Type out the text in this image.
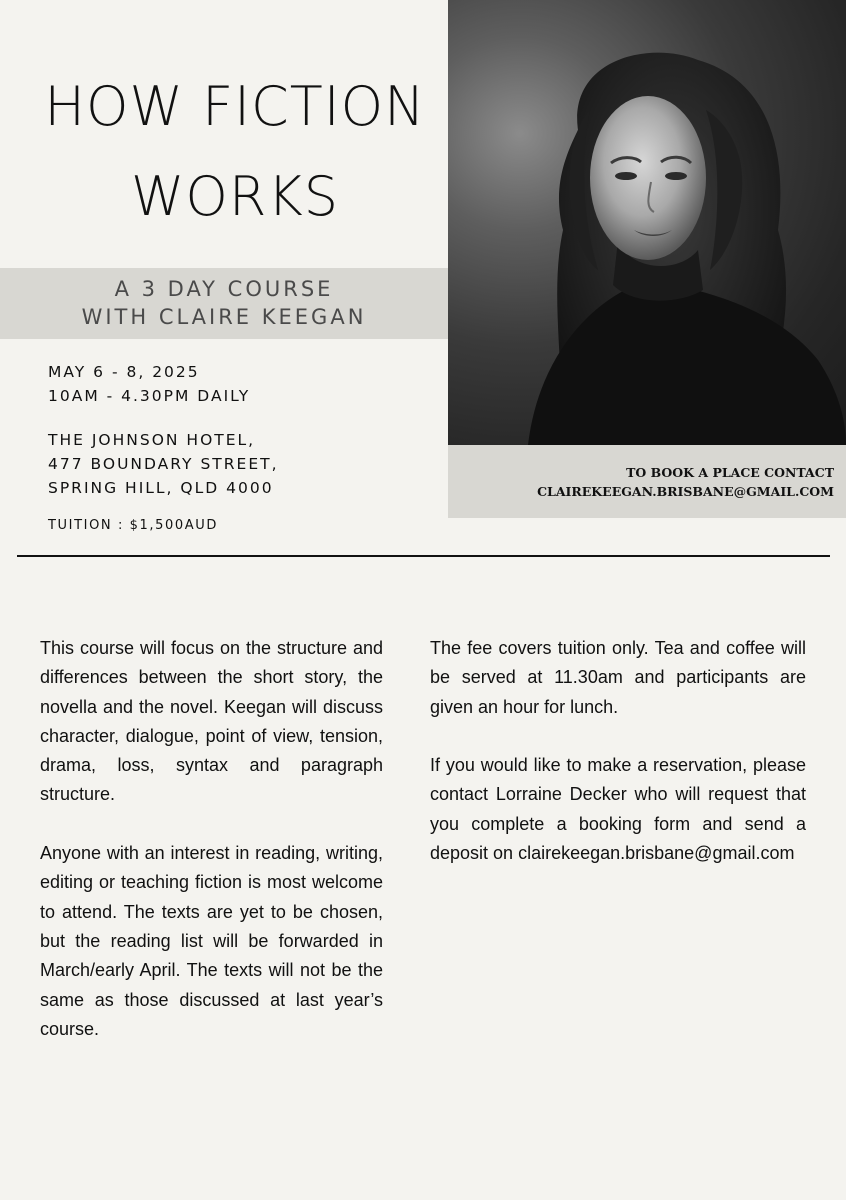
HOW FICTION
WORKS
A 3 DAY COURSE
WITH CLAIRE KEEGAN
MAY 6 - 8, 2025
10AM - 4.30PM DAILY
THE JOHNSON HOTEL,
477 BOUNDARY STREET,
SPRING HILL, QLD 4000
TUITION : $1,500AUD
TO BOOK A PLACE CONTACT
CLAIREKEEGAN.BRISBANE@GMAIL.COM

This course will focus on the structure and differences between the short story, the novella and the novel. Keegan will discuss character, dialogue, point of view, tension, drama, loss, syntax and paragraph structure.

Anyone with an interest in reading, writing, editing or teaching fiction is most welcome to attend. The texts are yet to be chosen, but the reading list will be forwarded in March/early April. The texts will not be the same as those discussed at last year’s course.

The fee covers tuition only. Tea and coffee will be served at 11.30am and participants are given an hour for lunch.

If you would like to make a reservation, please contact Lorraine Decker who will request that you complete a booking form and send a deposit on clairekeegan.brisbane@gmail.com
